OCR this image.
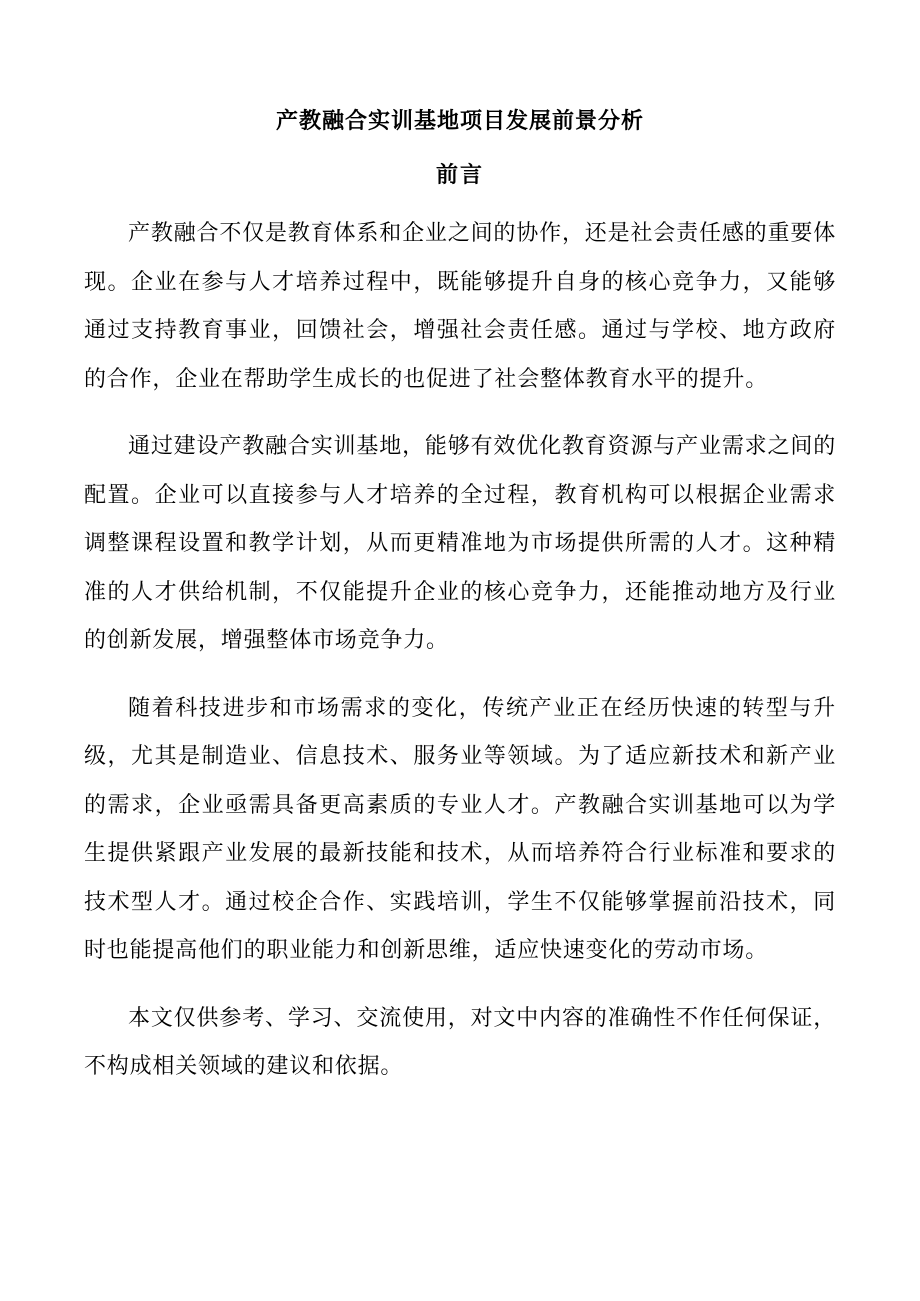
产教融合实训基地项目发展前景分析
前言

产教融合不仅是教育体系和企业之间的协作，还是社会责任感的重要体现。企业在参与人才培养过程中，既能够提升自身的核心竞争力，又能够通过支持教育事业，回馈社会，增强社会责任感。通过与学校、地方政府的合作，企业在帮助学生成长的也促进了社会整体教育水平的提升。

通过建设产教融合实训基地，能够有效优化教育资源与产业需求之间的配置。企业可以直接参与人才培养的全过程，教育机构可以根据企业需求调整课程设置和教学计划，从而更精准地为市场提供所需的人才。这种精准的人才供给机制，不仅能提升企业的核心竞争力，还能推动地方及行业的创新发展，增强整体市场竞争力。

随着科技进步和市场需求的变化，传统产业正在经历快速的转型与升级，尤其是制造业、信息技术、服务业等领域。为了适应新技术和新产业的需求，企业亟需具备更高素质的专业人才。产教融合实训基地可以为学生提供紧跟产业发展的最新技能和技术，从而培养符合行业标准和要求的技术型人才。通过校企合作、实践培训，学生不仅能够掌握前沿技术，同时也能提高他们的职业能力和创新思维，适应快速变化的劳动市场。

本文仅供参考、学习、交流使用，对文中内容的准确性不作任何保证，不构成相关领域的建议和依据。
